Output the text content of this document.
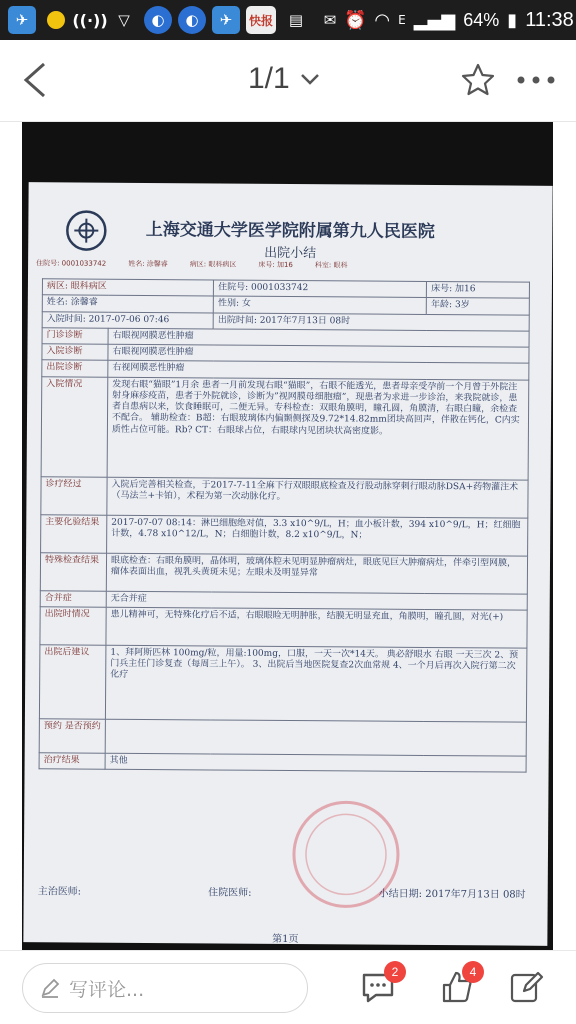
✈	((·)) ▽	◐	◐	✈	快报	▤	✉ ⏰ ◠ E ▂▄▆ 64% ▮ 11:38
1/1
上海交通大学医学院附属第九人民医院
出院小结
住院号: 0001033742	姓名: 涂馨睿	病区: 眼科病区	床号: 加16	科室: 眼科
病区: 眼科病区		住院号: 0001033742	床号: 加16
姓名: 涂馨睿		性别: 女	年龄: 3岁
入院时间: 2017-07-06 07:46		出院时间: 2017年7月13日 08时	
门诊诊断	右眼视网膜恶性肿瘤		
入院诊断	右眼视网膜恶性肿瘤		
出院诊断	右视网膜恶性肿瘤		
入院情况	发现右眼“猫眼”1月余 患者一月前发现右眼“猫眼”，右眼不能透光，患者母亲受孕前一个月曾于外院注射身麻疹疫苗，患者于外院就诊，诊断为”视网膜母细胞瘤”，现患者为求进一步诊治，来我院就诊，患者自患病以来，饮食睡眠可，二便无异。专科检查：双眼角膜明，瞳孔圆，角膜清，右眼白瞳，余检查不配合。 辅助检查：B超：右眼玻璃体内偏颞侧探及9.72*14.82mm团块高回声，伴散在钙化，C内实质性占位可能。Rb? CT：右眼球占位，右眼球内见团块状高密度影。		
诊疗经过	入院后完善相关检查，于2017-7-11全麻下行双眼眼底检查及行股动脉穿刺行眼动脉DSA+药物灌注术（马法兰+卡铂），术程为第一次动脉化疗。		
主要化验结果	2017-07-07 08:14：淋巴细胞绝对值，3.3 x10^9/L，H；血小板计数，394 x10^9/L，H；红细胞计数，4.78 x10^12/L，N；白细胞计数，8.2 x10^9/L，N；		
特殊检查结果	眼底检查：右眼角膜明，晶体明，玻璃体腔未见明显肿瘤病灶，眼底见巨大肿瘤病灶，伴牵引型网膜，瘤体表面出血，视乳头黄斑未见；左眼未及明显异常		
合并症	无合并症		
出院时情况	患儿精神可，无特殊化疗后不适，右眼眼睑无明肿胀，结膜无明显充血，角膜明，瞳孔圆，对光(+)		
出院后建议	1、拜阿斯匹林 100mg/粒，用量:100mg，口服，一天一次*14天。 典必舒眼水 右眼 一天三次 2、预门兵主任门诊复查（每周三上午）。 3、出院后当地医院复查2次血常规 4、一个月后再次入院行第二次化疗		
预约 是否预约			
治疗结果	其他		
主治医师:	住院医师:	小结日期: 2017年7月13日 08时
第1页
写评论...
2	4
